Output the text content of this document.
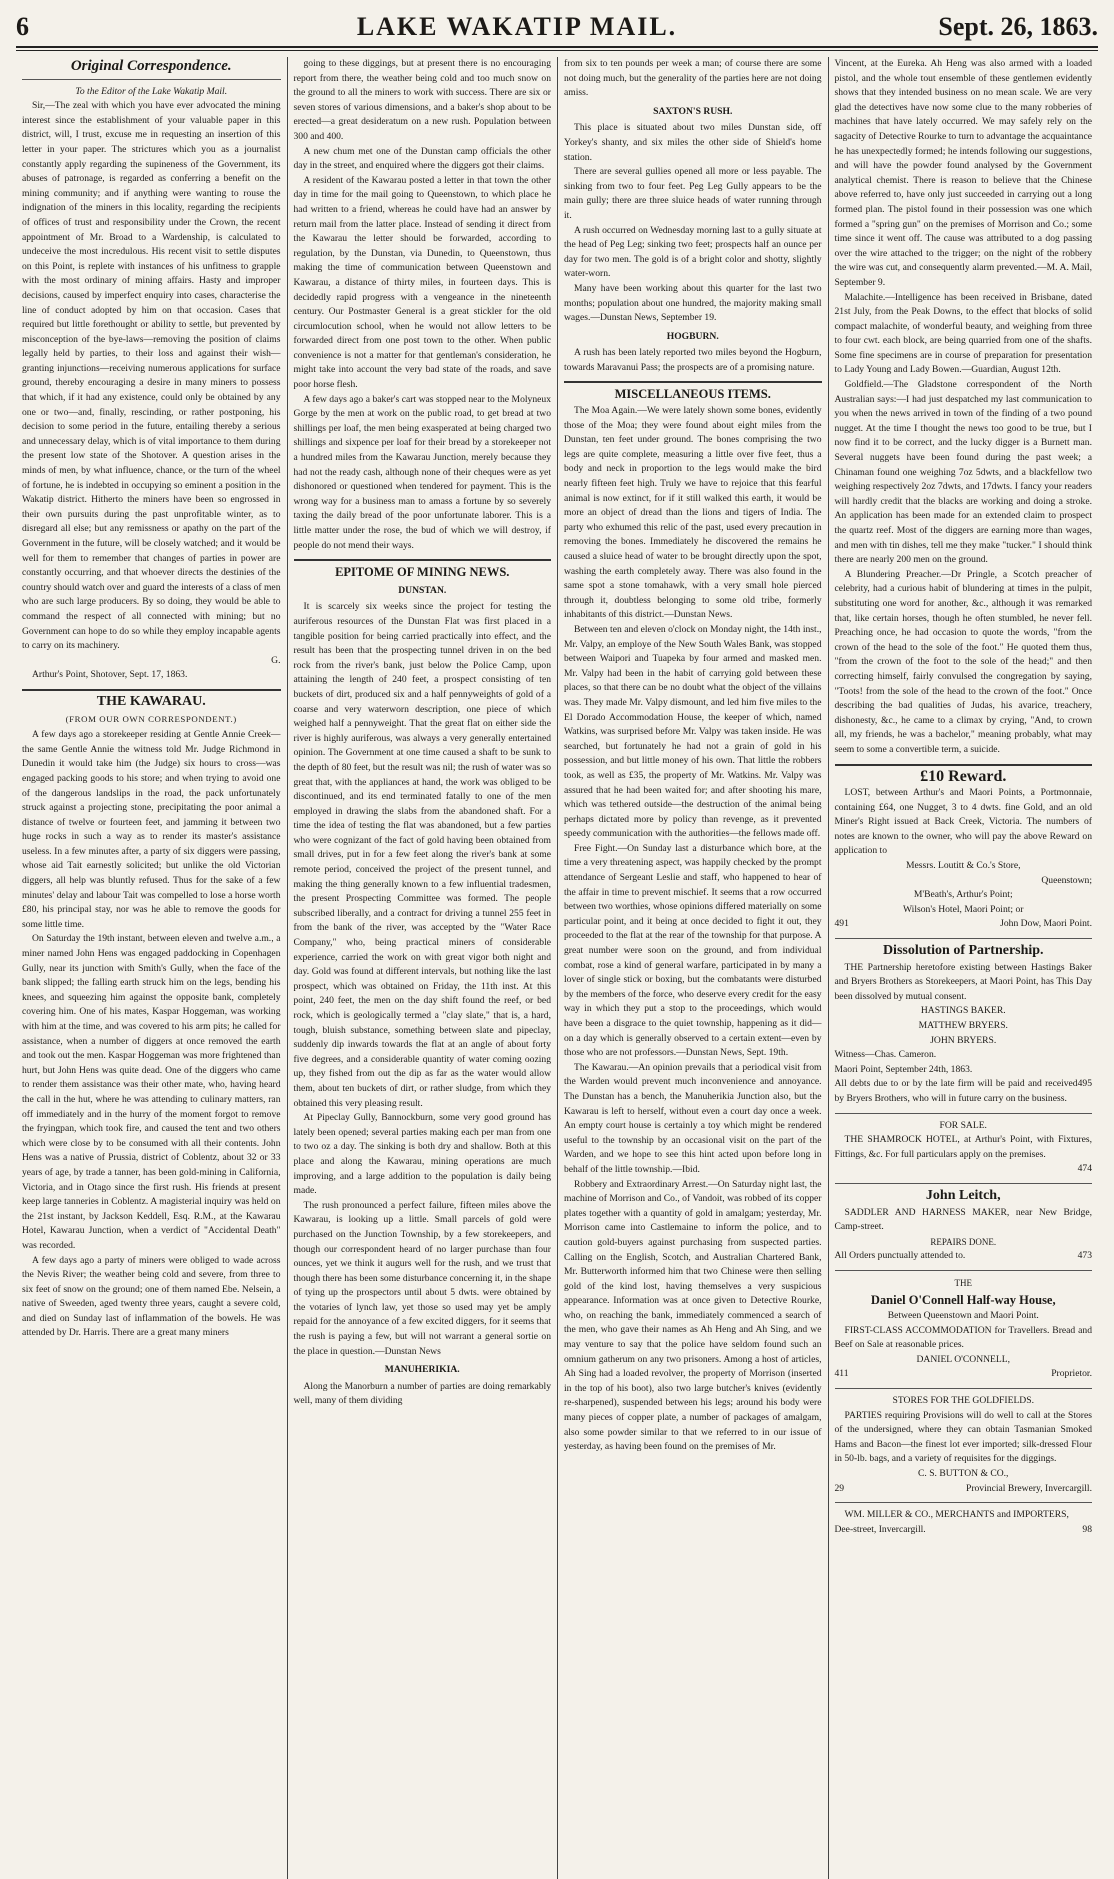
6	LAKE WAKATIP MAIL.	Sept. 26, 1863.
Original Correspondence.

To the Editor of the Lake Wakatip Mail.

Sir,—The zeal with which you have ever advocated the mining interest since the establishment of your valuable paper in this district, will, I trust, excuse me in requesting an insertion of this letter in your paper. The strictures which you as a journalist constantly apply regarding the supineness of the Government, its abuses of patronage, is regarded as conferring a benefit on the mining community; and if anything were wanting to rouse the indignation of the miners in this locality, regarding the recipients of offices of trust and responsibility under the Crown, the recent appointment of Mr. Broad to a Wardenship, is calculated to undeceive the most incredulous. His recent visit to settle disputes on this Point, is replete with instances of his unfitness to grapple with the most ordinary of mining affairs. Hasty and improper decisions, caused by imperfect enquiry into cases, characterise the line of conduct adopted by him on that occasion. Cases that required but little forethought or ability to settle, but prevented by misconception of the bye-laws—removing the position of claims legally held by parties, to their loss and against their wish—granting injunctions—receiving numerous applications for surface ground, thereby encouraging a desire in many miners to possess that which, if it had any existence, could only be obtained by any one or two—and, finally, rescinding, or rather postponing, his decision to some period in the future, entailing thereby a serious and unnecessary delay, which is of vital importance to them during the present low state of the Shotover. A question arises in the minds of men, by what influence, chance, or the turn of the wheel of fortune, he is indebted in occupying so eminent a position in the Wakatip district. Hitherto the miners have been so engrossed in their own pursuits during the past unprofitable winter, as to disregard all else; but any remissness or apathy on the part of the Government in the future, will be closely watched; and it would be well for them to remember that changes of parties in power are constantly occurring, and that whoever directs the destinies of the country should watch over and guard the interests of a class of men who are such large producers. By so doing, they would be able to command the respect of all connected with mining; but no Government can hope to do so while they employ incapable agents to carry on its machinery.

G.

Arthur's Point, Shotover, Sept. 17, 1863.

THE KAWARAU.
(FROM OUR OWN CORRESPONDENT.)

A few days ago a storekeeper residing at Gentle Annie Creek—the same Gentle Annie the witness told Mr. Judge Richmond in Dunedin it would take him (the Judge) six hours to cross—was engaged packing goods to his store; and when trying to avoid one of the dangerous landslips in the road, the pack unfortunately struck against a projecting stone, precipitating the poor animal a distance of twelve or fourteen feet, and jamming it between two huge rocks in such a way as to render its master's assistance useless. In a few minutes after, a party of six diggers were passing, whose aid Tait earnestly solicited; but unlike the old Victorian diggers, all help was bluntly refused. Thus for the sake of a few minutes' delay and labour Tait was compelled to lose a horse worth £80, his principal stay, nor was he able to remove the goods for some little time.

On Saturday the 19th instant, between eleven and twelve a.m., a miner named John Hens was engaged paddocking in Copenhagen Gully, near its junction with Smith's Gully, when the face of the bank slipped; the falling earth struck him on the legs, bending his knees, and squeezing him against the opposite bank, completely covering him. One of his mates, Kaspar Hoggeman, was working with him at the time, and was covered to his arm pits; he called for assistance, when a number of diggers at once removed the earth and took out the men. Kaspar Hoggeman was more frightened than hurt, but John Hens was quite dead. One of the diggers who came to render them assistance was their other mate, who, having heard the call in the hut, where he was attending to culinary matters, ran off immediately and in the hurry of the moment forgot to remove the fryingpan, which took fire, and caused the tent and two others which were close by to be consumed with all their contents. John Hens was a native of Prussia, district of Coblentz, about 32 or 33 years of age, by trade a tanner, has been gold-mining in California, Victoria, and in Otago since the first rush. His friends at present keep large tanneries in Coblentz. A magisterial inquiry was held on the 21st instant, by Jackson Keddell, Esq. R.M., at the Kawarau Hotel, Kawarau Junction, when a verdict of "Accidental Death" was recorded.

A few days ago a party of miners were obliged to wade across the Nevis River; the weather being cold and severe, from three to six feet of snow on the ground; one of them named Ebe. Nelsein, a native of Sweeden, aged twenty three years, caught a severe cold, and died on Sunday last of inflammation of the bowels. He was attended by Dr. Harris. There are a great many miners

going to these diggings, but at present there is no encouraging report from there, the weather being cold and too much snow on the ground to all the miners to work with success. There are six or seven stores of various dimensions, and a baker's shop about to be erected—a great desideratum on a new rush. Population between 300 and 400.

A new chum met one of the Dunstan camp officials the other day in the street, and enquired where the diggers got their claims.

A resident of the Kawarau posted a letter in that town the other day in time for the mail going to Queenstown, to which place he had written to a friend, whereas he could have had an answer by return mail from the latter place. Instead of sending it direct from the Kawarau the letter should be forwarded, according to regulation, by the Dunstan, via Dunedin, to Queenstown, thus making the time of communication between Queenstown and Kawarau, a distance of thirty miles, in fourteen days. This is decidedly rapid progress with a vengeance in the nineteenth century. Our Postmaster General is a great stickler for the old circumlocution school, when he would not allow letters to be forwarded direct from one post town to the other. When public convenience is not a matter for that gentleman's consideration, he might take into account the very bad state of the roads, and save poor horse flesh.

A few days ago a baker's cart was stopped near to the Molyneux Gorge by the men at work on the public road, to get bread at two shillings per loaf, the men being exasperated at being charged two shillings and sixpence per loaf for their bread by a storekeeper not a hundred miles from the Kawarau Junction, merely because they had not the ready cash, although none of their cheques were as yet dishonored or questioned when tendered for payment. This is the wrong way for a business man to amass a fortune by so severely taxing the daily bread of the poor unfortunate laborer. This is a little matter under the rose, the bud of which we will destroy, if people do not mend their ways.

EPITOME OF MINING NEWS.
DUNSTAN.

It is scarcely six weeks since the project for testing the auriferous resources of the Dunstan Flat was first placed in a tangible position for being carried practically into effect, and the result has been that the prospecting tunnel driven in on the bed rock from the river's bank, just below the Police Camp, upon attaining the length of 240 feet, a prospect consisting of ten buckets of dirt, produced six and a half pennyweights of gold of a coarse and very waterworn description, one piece of which weighed half a pennyweight. That the great flat on either side the river is highly auriferous, was always a very generally entertained opinion. The Government at one time caused a shaft to be sunk to the depth of 80 feet, but the result was nil; the rush of water was so great that, with the appliances at hand, the work was obliged to be discontinued, and its end terminated fatally to one of the men employed in drawing the slabs from the abandoned shaft. For a time the idea of testing the flat was abandoned, but a few parties who were cognizant of the fact of gold having been obtained from small drives, put in for a few feet along the river's bank at some remote period, conceived the project of the present tunnel, and making the thing generally known to a few influential tradesmen, the present Prospecting Committee was formed. The people subscribed liberally, and a contract for driving a tunnel 255 feet in from the bank of the river, was accepted by the "Water Race Company," who, being practical miners of considerable experience, carried the work on with great vigor both night and day. Gold was found at different intervals, but nothing like the last prospect, which was obtained on Friday, the 11th inst. At this point, 240 feet, the men on the day shift found the reef, or bed rock, which is geologically termed a "clay slate," that is, a hard, tough, bluish substance, something between slate and pipeclay, suddenly dip inwards towards the flat at an angle of about forty five degrees, and a considerable quantity of water coming oozing up, they fished from out the dip as far as the water would allow them, about ten buckets of dirt, or rather sludge, from which they obtained this very pleasing result.

At Pipeclay Gully, Bannockburn, some very good ground has lately been opened; several parties making each per man from one to two oz a day. The sinking is both dry and shallow. Both at this place and along the Kawarau, mining operations are much improving, and a large addition to the population is daily being made.

The rush pronounced a perfect failure, fifteen miles above the Kawarau, is looking up a little. Small parcels of gold were purchased on the Junction Township, by a few storekeepers, and though our correspondent heard of no larger purchase than four ounces, yet we think it augurs well for the rush, and we trust that though there has been some disturbance concerning it, in the shape of tying up the prospectors until about 5 dwts. were obtained by the votaries of lynch law, yet those so used may yet be amply repaid for the annoyance of a few excited diggers, for it seems that the rush is paying a few, but will not warrant a general sortie on the place in question.—Dunstan News

MANUHERIKIA.

Along the Manorburn a number of parties are doing remarkably well, many of them dividing

from six to ten pounds per week a man; of course there are some not doing much, but the generality of the parties here are not doing amiss.

SAXTON'S RUSH.

This place is situated about two miles Dunstan side, off Yorkey's shanty, and six miles the other side of Shield's home station.

There are several gullies opened all more or less payable. The sinking from two to four feet. Peg Leg Gully appears to be the main gully; there are three sluice heads of water running through it.

A rush occurred on Wednesday morning last to a gully situate at the head of Peg Leg; sinking two feet; prospects half an ounce per day for two men. The gold is of a bright color and shotty, slightly water-worn.

Many have been working about this quarter for the last two months; population about one hundred, the majority making small wages.—Dunstan News, September 19.

HOGBURN.

A rush has been lately reported two miles beyond the Hogburn, towards Maravanui Pass; the prospects are of a promising nature.

MISCELLANEOUS ITEMS.

The Moa Again.—We were lately shown some bones, evidently those of the Moa; they were found about eight miles from the Dunstan, ten feet under ground. The bones comprising the two legs are quite complete, measuring a little over five feet, thus a body and neck in proportion to the legs would make the bird nearly fifteen feet high. Truly we have to rejoice that this fearful animal is now extinct, for if it still walked this earth, it would be more an object of dread than the lions and tigers of India. The party who exhumed this relic of the past, used every precaution in removing the bones. Immediately he discovered the remains he caused a sluice head of water to be brought directly upon the spot, washing the earth completely away. There was also found in the same spot a stone tomahawk, with a very small hole pierced through it, doubtless belonging to some old tribe, formerly inhabitants of this district.—Dunstan News.

Between ten and eleven o'clock on Monday night, the 14th inst., Mr. Valpy, an employe of the New South Wales Bank, was stopped between Waipori and Tuapeka by four armed and masked men. Mr. Valpy had been in the habit of carrying gold between these places, so that there can be no doubt what the object of the villains was. They made Mr. Valpy dismount, and led him five miles to the El Dorado Accommodation House, the keeper of which, named Watkins, was surprised before Mr. Valpy was taken inside. He was searched, but fortunately he had not a grain of gold in his possession, and but little money of his own. That little the robbers took, as well as £35, the property of Mr. Watkins. Mr. Valpy was assured that he had been waited for; and after shooting his mare, which was tethered outside—the destruction of the animal being perhaps dictated more by policy than revenge, as it prevented speedy communication with the authorities—the fellows made off.

Free Fight.—On Sunday last a disturbance which bore, at the time a very threatening aspect, was happily checked by the prompt attendance of Sergeant Leslie and staff, who happened to hear of the affair in time to prevent mischief. It seems that a row occurred between two worthies, whose opinions differed materially on some particular point, and it being at once decided to fight it out, they proceeded to the flat at the rear of the township for that purpose. A great number were soon on the ground, and from individual combat, rose a kind of general warfare, participated in by many a lover of single stick or boxing, but the combatants were disturbed by the members of the force, who deserve every credit for the easy way in which they put a stop to the proceedings, which would have been a disgrace to the quiet township, happening as it did—on a day which is generally observed to a certain extent—even by those who are not professors.—Dunstan News, Sept. 19th.

The Kawarau.—An opinion prevails that a periodical visit from the Warden would prevent much inconvenience and annoyance. The Dunstan has a bench, the Manuherikia Junction also, but the Kawarau is left to herself, without even a court day once a week. An empty court house is certainly a toy which might be rendered useful to the township by an occasional visit on the part of the Warden, and we hope to see this hint acted upon before long in behalf of the little township.—Ibid.

Robbery and Extraordinary Arrest.—On Saturday night last, the machine of Morrison and Co., of Vandoit, was robbed of its copper plates together with a quantity of gold in amalgam; yesterday, Mr. Morrison came into Castlemaine to inform the police, and to caution gold-buyers against purchasing from suspected parties. Calling on the English, Scotch, and Australian Chartered Bank, Mr. Butterworth informed him that two Chinese were then selling gold of the kind lost, having themselves a very suspicious appearance. Information was at once given to Detective Rourke, who, on reaching the bank, immediately commenced a search of the men, who gave their names as Ah Heng and Ah Sing, and we may venture to say that the police have seldom found such an omnium gatherum on any two prisoners. Among a host of articles, Ah Sing had a loaded revolver, the property of Morrison (inserted in the top of his boot), also two large butcher's knives (evidently re-sharpened), suspended between his legs; around his body were many pieces of copper plate, a number of packages of amalgam, also some powder similar to that we referred to in our issue of yesterday, as having been found on the premises of Mr.

Vincent, at the Eureka. Ah Heng was also armed with a loaded pistol, and the whole tout ensemble of these gentlemen evidently shows that they intended business on no mean scale. We are very glad the detectives have now some clue to the many robberies of machines that have lately occurred. We may safely rely on the sagacity of Detective Rourke to turn to advantage the acquaintance he has unexpectedly formed; he intends following our suggestions, and will have the powder found analysed by the Government analytical chemist. There is reason to believe that the Chinese above referred to, have only just succeeded in carrying out a long formed plan. The pistol found in their possession was one which formed a "spring gun" on the premises of Morrison and Co.; some time since it went off. The cause was attributed to a dog passing over the wire attached to the trigger; on the night of the robbery the wire was cut, and consequently alarm prevented.—M. A. Mail, September 9.

Malachite.—Intelligence has been received in Brisbane, dated 21st July, from the Peak Downs, to the effect that blocks of solid compact malachite, of wonderful beauty, and weighing from three to four cwt. each block, are being quarried from one of the shafts. Some fine specimens are in course of preparation for presentation to Lady Young and Lady Bowen.—Guardian, August 12th.

Goldfield.—The Gladstone correspondent of the North Australian says:—I had just despatched my last communication to you when the news arrived in town of the finding of a two pound nugget. At the time I thought the news too good to be true, but I now find it to be correct, and the lucky digger is a Burnett man. Several nuggets have been found during the past week; a Chinaman found one weighing 7oz 5dwts, and a blackfellow two weighing respectively 2oz 7dwts, and 17dwts. I fancy your readers will hardly credit that the blacks are working and doing a stroke. An application has been made for an extended claim to prospect the quartz reef. Most of the diggers are earning more than wages, and men with tin dishes, tell me they make "tucker." I should think there are nearly 200 men on the ground.

A Blundering Preacher.—Dr Pringle, a Scotch preacher of celebrity, had a curious habit of blundering at times in the pulpit, substituting one word for another, &c., although it was remarked that, like certain horses, though he often stumbled, he never fell. Preaching once, he had occasion to quote the words, "from the crown of the head to the sole of the foot." He quoted them thus, "from the crown of the foot to the sole of the head;" and then correcting himself, fairly convulsed the congregation by saying, "Toots! from the sole of the head to the crown of the foot." Once describing the bad qualities of Judas, his avarice, treachery, dishonesty, &c., he came to a climax by crying, "And, to crown all, my friends, he was a bachelor," meaning probably, what may seem to some a convertible term, a suicide.

£10 Reward.

LOST, between Arthur's and Maori Points, a Portmonnaie, containing £64, one Nugget, 3 to 4 dwts. fine Gold, and an old Miner's Right issued at Back Creek, Victoria. The numbers of notes are known to the owner, who will pay the above Reward on application to

Messrs. Loutitt & Co.'s Store,
Queenstown;
M'Beath's, Arthur's Point;
Wilson's Hotel, Maori Point; or
491	John Dow, Maori Point.
Dissolution of Partnership.

THE Partnership heretofore existing between Hastings Baker and Bryers Brothers as Storekeepers, at Maori Point, has This Day been dissolved by mutual consent.

HASTINGS BAKER.
MATTHEW BRYERS.
JOHN BRYERS.
Witness—Chas. Cameron.
Maori Point, September 24th, 1863.
All debts due to or by the late firm will be paid and received by Bryers Brothers, who will in future carry on the business.
495
FOR SALE.

THE SHAMROCK HOTEL, at Arthur's Point, with Fixtures, Fittings, &c. For full particulars apply on the premises.

474
John Leitch,

SADDLER AND HARNESS MAKER, near New Bridge, Camp-street.

REPAIRS DONE.
All Orders punctually attended to.	473
THE
Daniel O'Connell Half-way House,
Between Queenstown and Maori Point.

FIRST-CLASS ACCOMMODATION for Travellers. Bread and Beef on Sale at reasonable prices.

DANIEL O'CONNELL,
411	Proprietor.
STORES FOR THE GOLDFIELDS.

PARTIES requiring Provisions will do well to call at the Stores of the undersigned, where they can obtain Tasmanian Smoked Hams and Bacon—the finest lot ever imported; silk-dressed Flour in 50-lb. bags, and a variety of requisites for the diggings.

C. S. BUTTON & CO.,
29	Provincial Brewery, Invercargill.

WM. MILLER & CO., MERCHANTS and IMPORTERS,

Dee-street, Invercargill.	98
